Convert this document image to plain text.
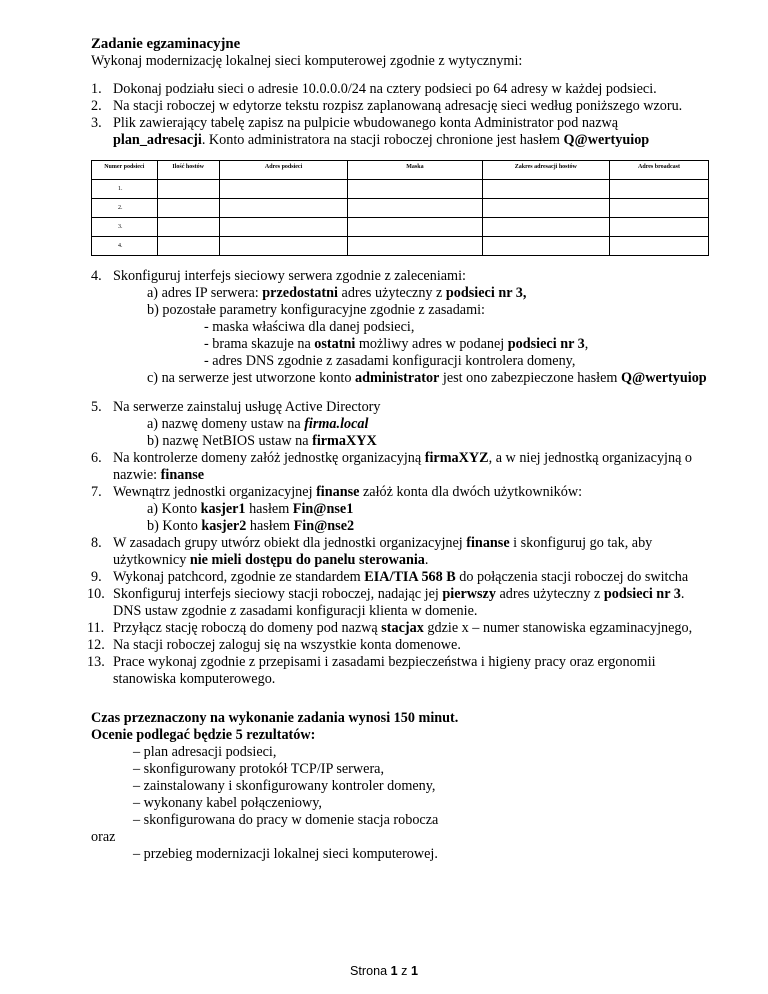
Zadanie egzaminacyjne
Wykonaj modernizację lokalnej sieci komputerowej zgodnie z wytycznymi:
1. Dokonaj podziału sieci o adresie 10.0.0.0/24 na cztery podsieci po 64 adresy w każdej podsieci.
2. Na stacji roboczej w edytorze tekstu rozpisz zaplanowaną adresację sieci według poniższego wzoru.
3. Plik zawierający tabelę zapisz na pulpicie wbudowanego konta Administrator pod nazwą
plan_adresacji. Konto administratora na stacji roboczej chronione jest hasłem Q@wertyuiop
Numer podsieci	Ilość hostów	Adres podsieci	Maska	Zakres adresacji hostów	Adres broadcast
1.					
2.					
3.					
4.					
4. Skonfiguruj interfejs sieciowy serwera zgodnie z zaleceniami:
a) adres IP serwera: przedostatni adres użyteczny z podsieci nr 3,
b) pozostałe parametry konfiguracyjne zgodnie z zasadami:
- maska właściwa dla danej podsieci,
- brama skazuje na ostatni możliwy adres w podanej podsieci nr 3,
- adres DNS zgodnie z zasadami konfiguracji kontrolera domeny,
c) na serwerze jest utworzone konto administrator jest ono zabezpieczone hasłem Q@wertyuiop
5. Na serwerze zainstaluj usługę Active Directory
a) nazwę domeny ustaw na firma.local
b) nazwę NetBIOS ustaw na firmaXYX
6. Na kontrolerze domeny załóż jednostkę organizacyjną firmaXYZ, a w niej jednostką organizacyjną o
nazwie: finanse
7. Wewnątrz jednostki organizacyjnej finanse załóż konta dla dwóch użytkowników:
a) Konto kasjer1 hasłem Fin@nse1
b) Konto kasjer2 hasłem Fin@nse2
8. W zasadach grupy utwórz obiekt dla jednostki organizacyjnej finanse i skonfiguruj go tak, aby
użytkownicy nie mieli dostępu do panelu sterowania.
9. Wykonaj patchcord, zgodnie ze standardem EIA/TIA 568 B do połączenia stacji roboczej do switcha
10. Skonfiguruj interfejs sieciowy stacji roboczej, nadając jej pierwszy adres użyteczny z podsieci nr 3.
DNS ustaw zgodnie z zasadami konfiguracji klienta w domenie.
11. Przyłącz stację roboczą do domeny pod nazwą stacjax gdzie x – numer stanowiska egzaminacyjnego,
12. Na stacji roboczej zaloguj się na wszystkie konta domenowe.
13. Prace wykonaj zgodnie z przepisami i zasadami bezpieczeństwa i higieny pracy oraz ergonomii
stanowiska komputerowego.
Czas przeznaczony na wykonanie zadania wynosi 150 minut.
Ocenie podlegać będzie 5 rezultatów:
– plan adresacji podsieci,
– skonfigurowany protokół TCP/IP serwera,
– zainstalowany i skonfigurowany kontroler domeny,
– wykonany kabel połączeniowy,
– skonfigurowana do pracy w domenie stacja robocza
oraz
– przebieg modernizacji lokalnej sieci komputerowej.
Strona 1 z 1
